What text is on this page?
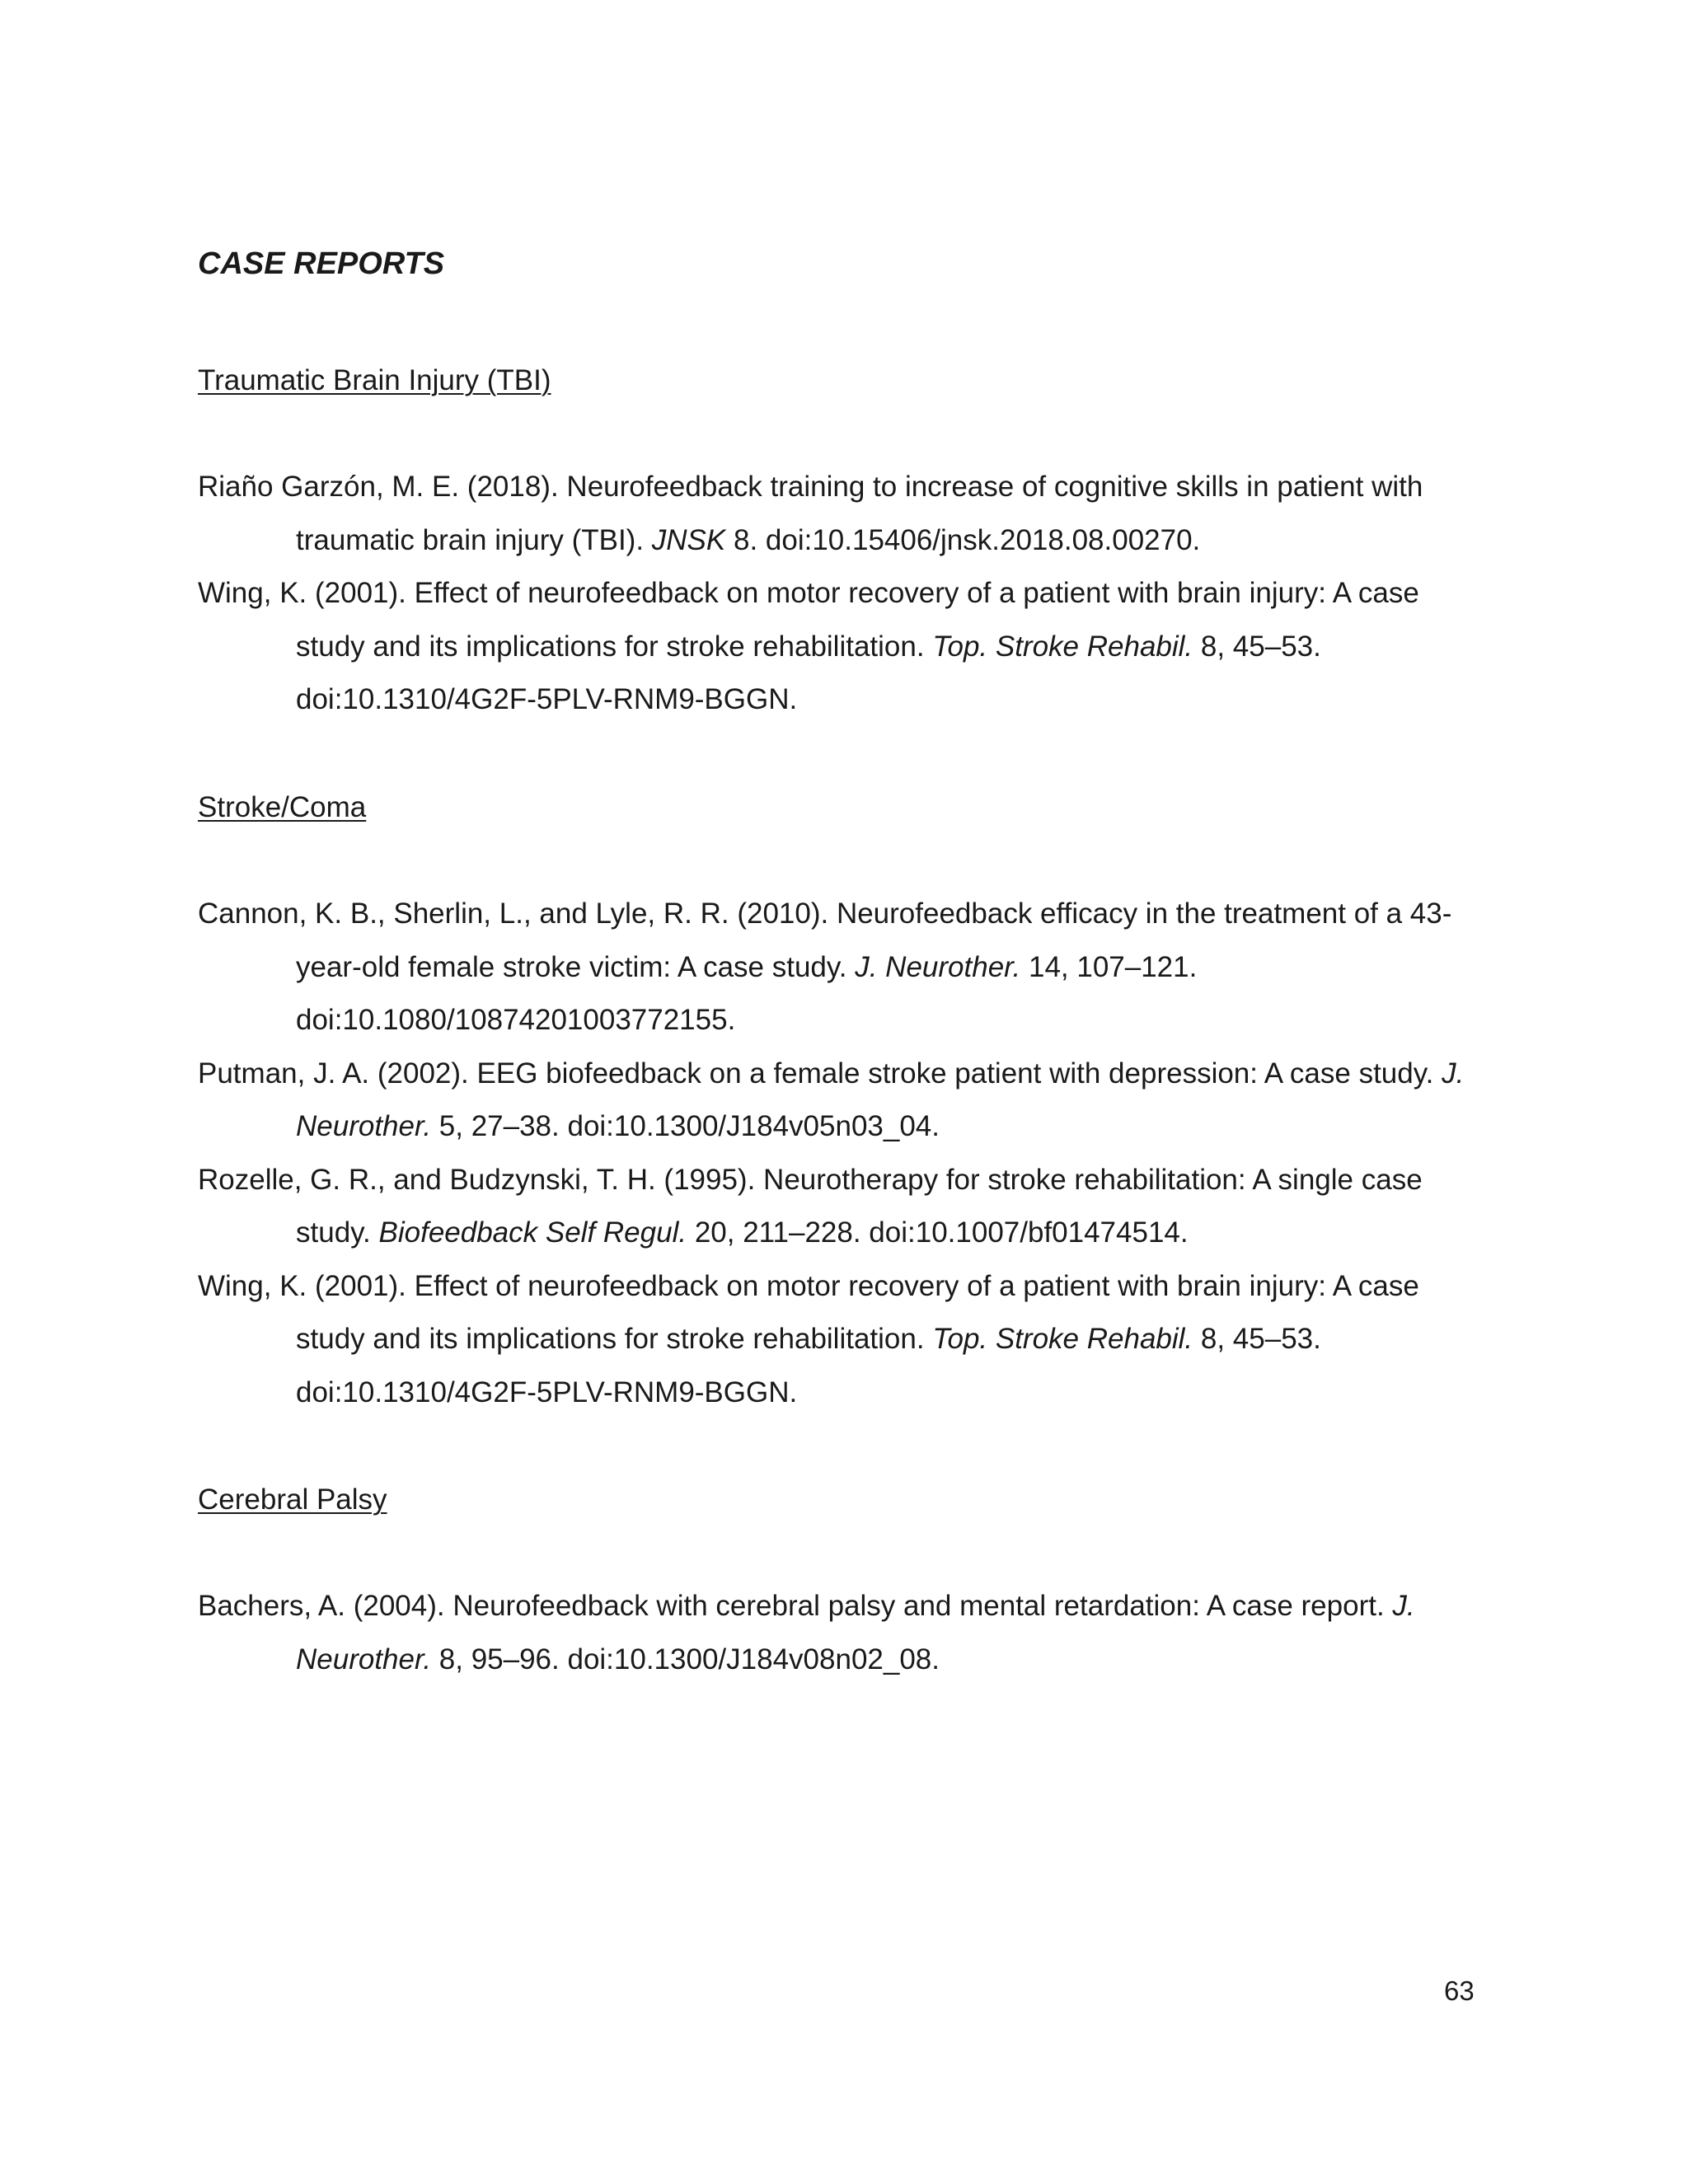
CASE REPORTS
Traumatic Brain Injury (TBI)
Riaño Garzón, M. E. (2018). Neurofeedback training to increase of cognitive skills in patient with traumatic brain injury (TBI). JNSK 8. doi:10.15406/jnsk.2018.08.00270.
Wing, K. (2001). Effect of neurofeedback on motor recovery of a patient with brain injury: A case study and its implications for stroke rehabilitation. Top. Stroke Rehabil. 8, 45–53. doi:10.1310/4G2F-5PLV-RNM9-BGGN.
Stroke/Coma
Cannon, K. B., Sherlin, L., and Lyle, R. R. (2010). Neurofeedback efficacy in the treatment of a 43-year-old female stroke victim: A case study. J. Neurother. 14, 107–121. doi:10.1080/10874201003772155.
Putman, J. A. (2002). EEG biofeedback on a female stroke patient with depression: A case study. J. Neurother. 5, 27–38. doi:10.1300/J184v05n03_04.
Rozelle, G. R., and Budzynski, T. H. (1995). Neurotherapy for stroke rehabilitation: A single case study. Biofeedback Self Regul. 20, 211–228. doi:10.1007/bf01474514.
Wing, K. (2001). Effect of neurofeedback on motor recovery of a patient with brain injury: A case study and its implications for stroke rehabilitation. Top. Stroke Rehabil. 8, 45–53. doi:10.1310/4G2F-5PLV-RNM9-BGGN.
Cerebral Palsy
Bachers, A. (2004). Neurofeedback with cerebral palsy and mental retardation: A case report. J. Neurother. 8, 95–96. doi:10.1300/J184v08n02_08.
63
